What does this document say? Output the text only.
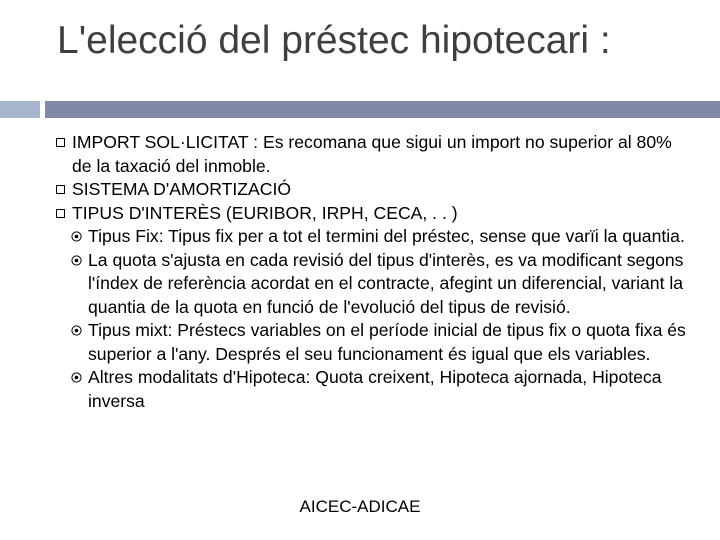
L'elecció del préstec hipotecari :
IMPORT SOL·LICITAT : Es recomana que sigui un import no superior al 80% de la taxació del inmoble.
SISTEMA D'AMORTIZACIÓ
TIPUS D'INTERÈS (EURIBOR, IRPH, CECA, . . )
Tipus Fix: Tipus fix per a tot el termini del préstec, sense que varïi la quantia.
La quota s'ajusta en cada revisió del tipus d'interès, es va modificant segons l'índex de referència acordat en el contracte, afegint un diferencial, variant la quantia de la quota en funció de l'evolució del tipus de revisió.
Tipus mixt: Préstecs variables on el període inicial de tipus fix o quota fixa és superior a l'any. Després el seu funcionament és igual que els variables.
Altres modalitats d'Hipoteca: Quota creixent, Hipoteca ajornada, Hipoteca inversa
AICEC-ADICAE
